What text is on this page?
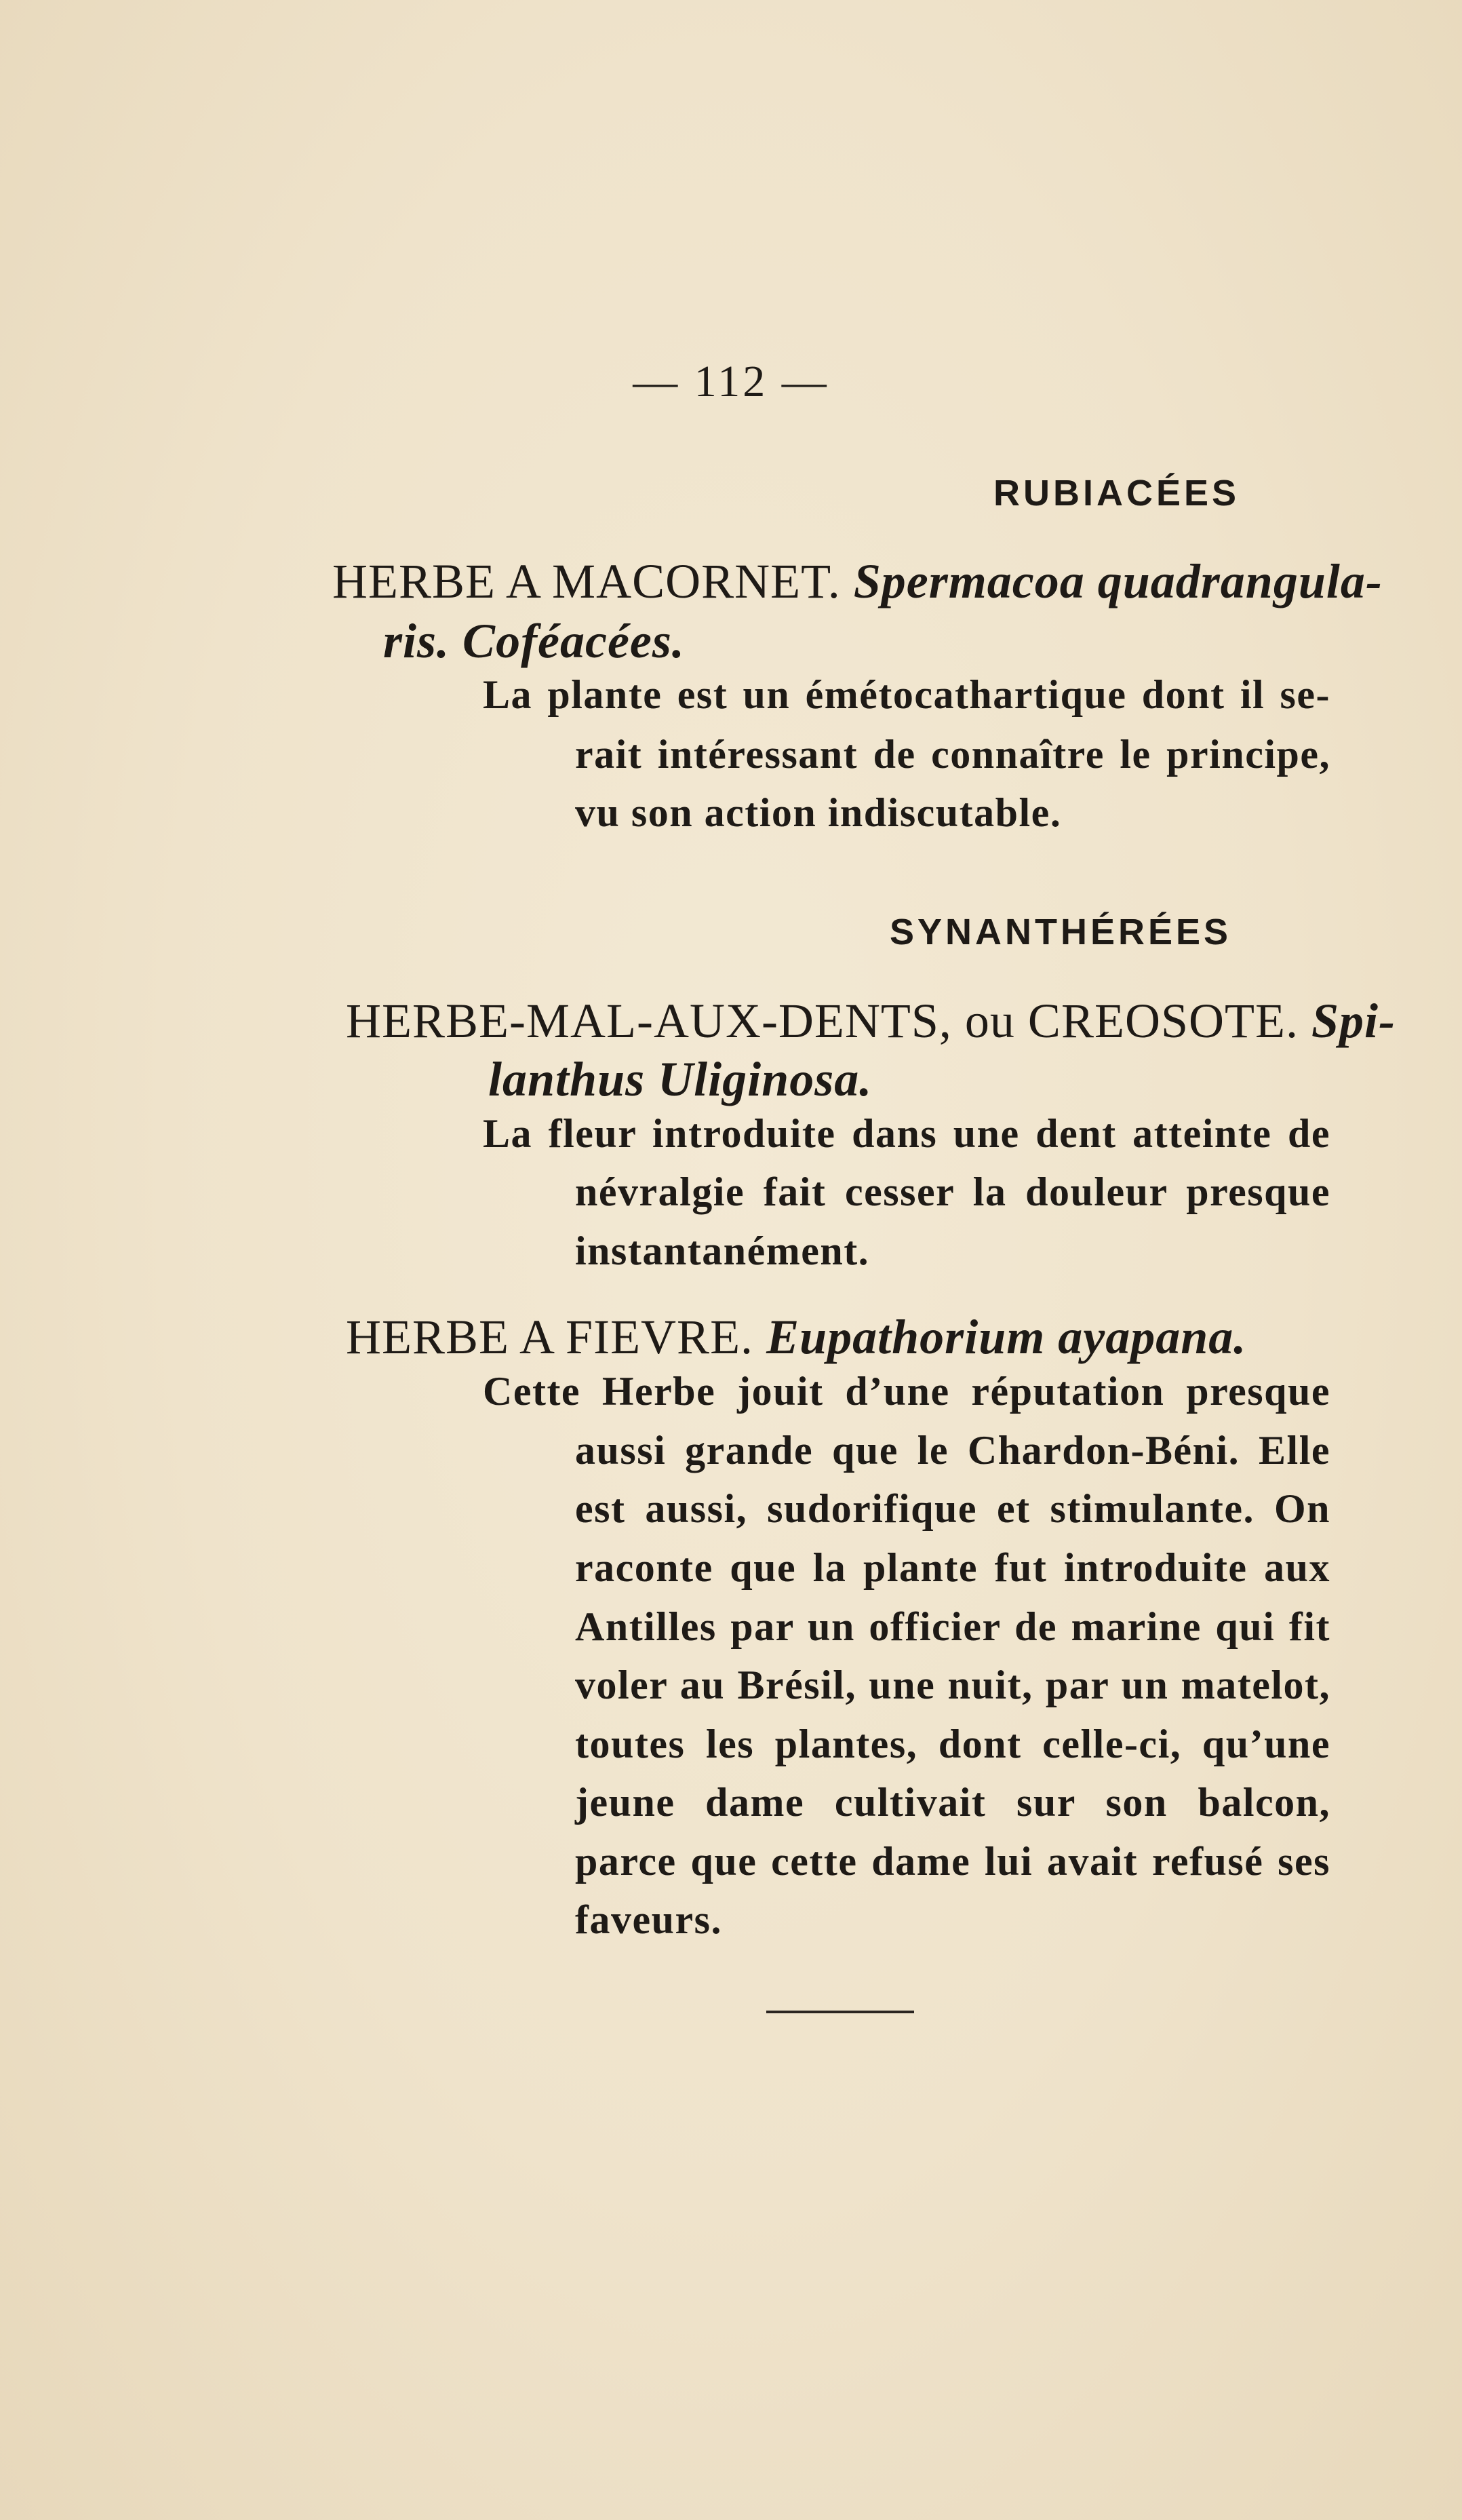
— 112 —
RUBIACÉES
HERBE A MACORNET. Spermacoa quadrangula-
ris. Coféacées.
La plante est un émétocathartique dont il se-
rait intéressant de connaître le principe,
vu son action indiscutable.
SYNANTHÉRÉES
HERBE-MAL-AUX-DENTS, ou CREOSOTE. Spi-
lanthus Uliginosa.
La fleur introduite dans une dent atteinte de
névralgie fait cesser la douleur presque
instantanément.
HERBE A FIEVRE. Eupathorium ayapana.
Cette Herbe jouit d’une réputation presque
aussi grande que le Chardon-Béni. Elle
est aussi, sudorifique et stimulante. On
raconte que la plante fut introduite aux
Antilles par un officier de marine qui fit
voler au Brésil, une nuit, par un matelot,
toutes les plantes, dont celle-ci, qu’une
jeune dame cultivait sur son balcon,
parce que cette dame lui avait refusé ses
faveurs.
